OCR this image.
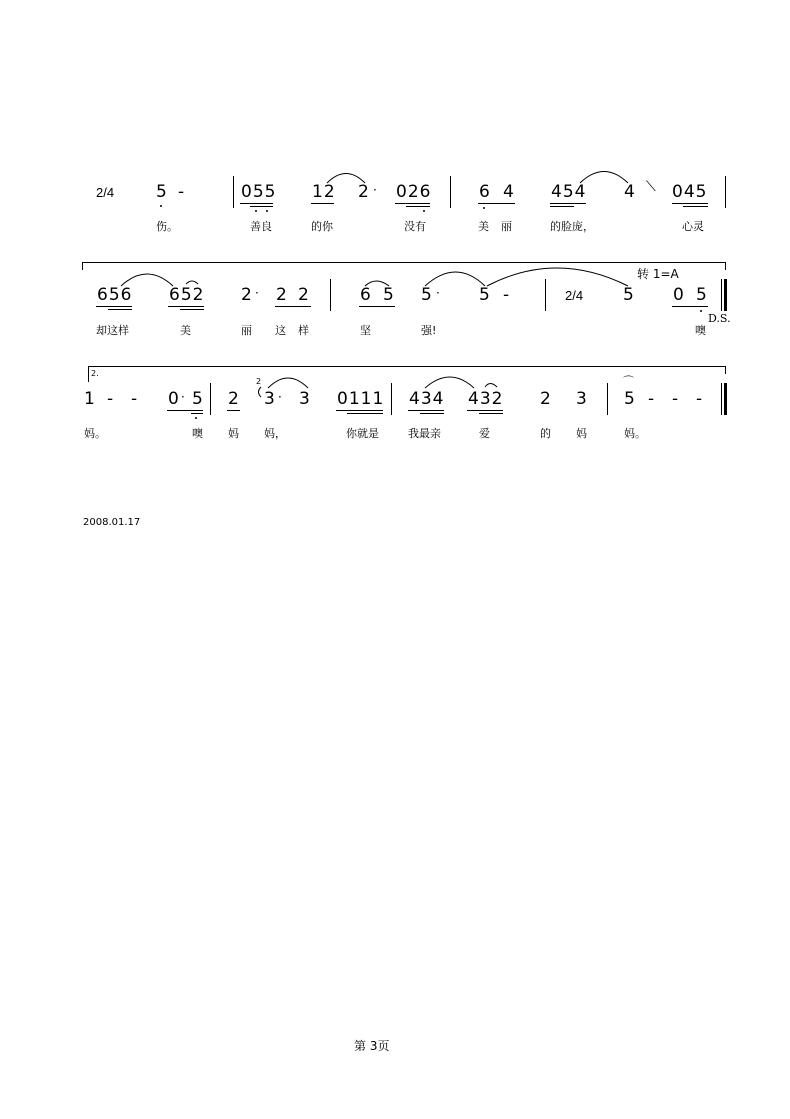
2/4 5 -	055 12 2 · 026	6 4 454 4 ⟍ 045
伤。	善良	的你	没有	美 丽	的脸庞，	心灵
656 652 2 · 2 2	6 5 5 · 5 -	2/4
转 1=A
5 0 5
D.S.
却这样	美	丽 这 样	坚	强!	噢
2.
1 - - 0 · 5 2
2
3 · 3 0111 434 432 2 3
⌒
5 - - -
妈。	噢 妈 妈，	你就是	我最亲	爱	的 妈	妈。
2008.01.17
第 3页
